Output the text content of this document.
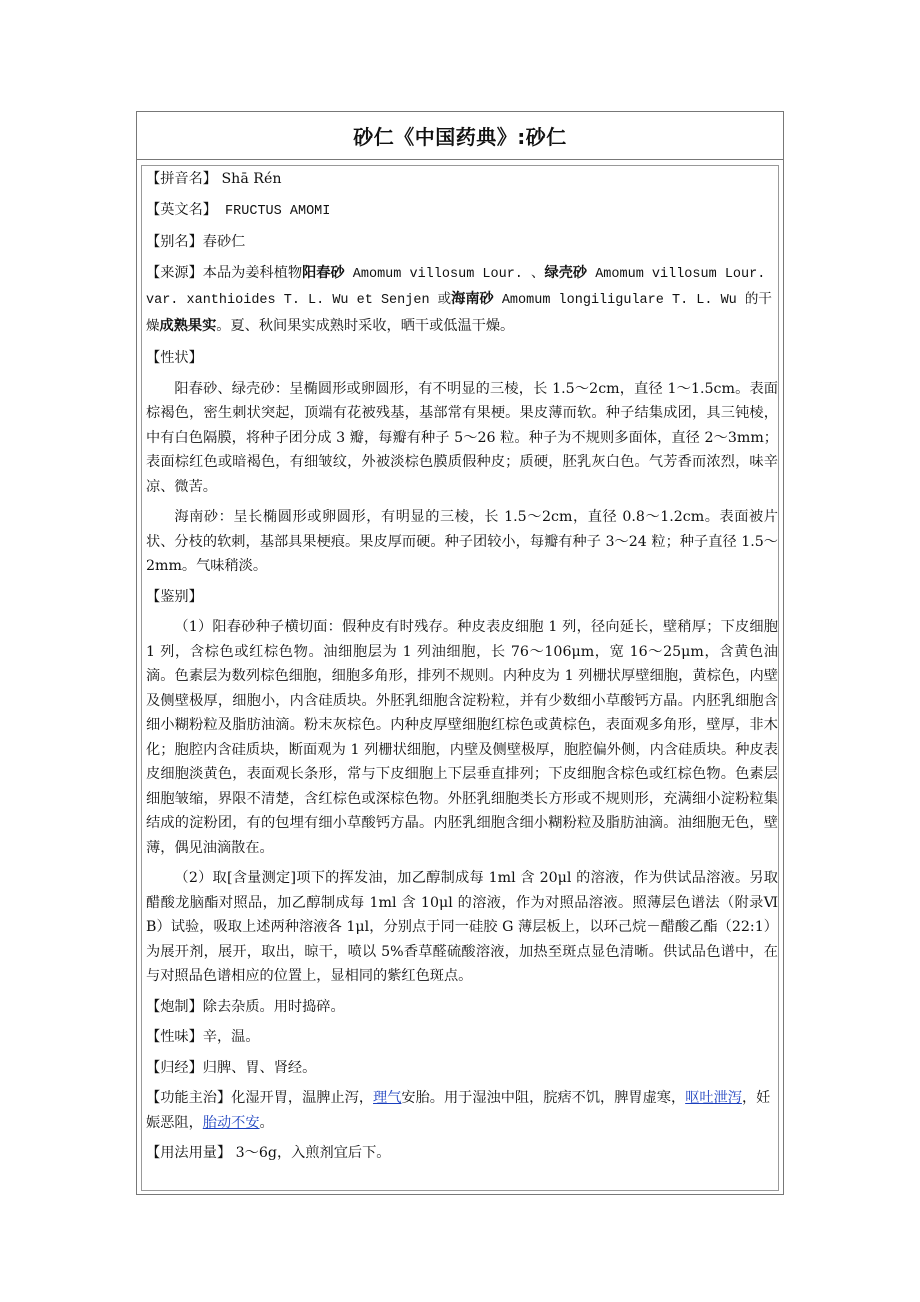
砂仁《中国药典》:砂仁
【拼音名】 Shā Rén
【英文名】 FRUCTUS AMOMI
【别名】春砂仁
【来源】本品为姜科植物阳春砂 Amomum villosum Lour. 、绿壳砂 Amomum villosum Lour. var. xanthioides T. L. Wu et Senjen 或海南砂 Amomum longiligulare T. L. Wu 的干燥成熟果实。夏、秋间果实成熟时采收，晒干或低温干燥。
【性状】

阳春砂、绿壳砂：呈椭圆形或卵圆形，有不明显的三棱，长 1.5～2cm，直径 1～1.5cm。表面棕褐色，密生刺状突起，顶端有花被残基，基部常有果梗。果皮薄而软。种子结集成团，具三钝棱，中有白色隔膜，将种子团分成 3 瓣，每瓣有种子 5～26 粒。种子为不规则多面体，直径 2～3mm；表面棕红色或暗褐色，有细皱纹，外被淡棕色膜质假种皮；质硬，胚乳灰白色。气芳香而浓烈，味辛凉、微苦。

海南砂：呈长椭圆形或卵圆形，有明显的三棱，长 1.5～2cm，直径 0.8～1.2cm。表面被片状、分枝的软刺，基部具果梗痕。果皮厚而硬。种子团较小，每瓣有种子 3～24 粒；种子直径 1.5～2mm。气味稍淡。

【鉴别】

（1）阳春砂种子横切面：假种皮有时残存。种皮表皮细胞 1 列，径向延长，壁稍厚；下皮细胞 1 列，含棕色或红棕色物。油细胞层为 1 列油细胞，长 76～106μm，宽 16～25μm，含黄色油滴。色素层为数列棕色细胞，细胞多角形，排列不规则。内种皮为 1 列栅状厚壁细胞，黄棕色，内壁及侧壁极厚，细胞小，内含硅质块。外胚乳细胞含淀粉粒，并有少数细小草酸钙方晶。内胚乳细胞含细小糊粉粒及脂肪油滴。粉末灰棕色。内种皮厚壁细胞红棕色或黄棕色，表面观多角形，壁厚，非木化；胞腔内含硅质块，断面观为 1 列栅状细胞，内壁及侧壁极厚，胞腔偏外侧，内含硅质块。种皮表皮细胞淡黄色，表面观长条形，常与下皮细胞上下层垂直排列；下皮细胞含棕色或红棕色物。色素层细胞皱缩，界限不清楚，含红棕色或深棕色物。外胚乳细胞类长方形或不规则形，充满细小淀粉粒集结成的淀粉团，有的包埋有细小草酸钙方晶。内胚乳细胞含细小糊粉粒及脂肪油滴。油细胞无色，壁薄，偶见油滴散在。

（2）取[含量测定]项下的挥发油，加乙醇制成每 1ml 含 20μl 的溶液，作为供试品溶液。另取醋酸龙脑酯对照品，加乙醇制成每 1ml 含 10μl 的溶液，作为对照品溶液。照薄层色谱法（附录Ⅵ B）试验，吸取上述两种溶液各 1μl，分别点于同一硅胶 G 薄层板上，以环己烷－醋酸乙酯（22:1）为展开剂，展开，取出，晾干，喷以 5%香草醛硫酸溶液，加热至斑点显色清晰。供试品色谱中，在与对照品色谱相应的位置上，显相同的紫红色斑点。

【炮制】除去杂质。用时捣碎。
【性味】辛，温。
【归经】归脾、胃、肾经。
【功能主治】化湿开胃，温脾止泻，理气安胎。用于湿浊中阻，脘痞不饥，脾胃虚寒，呕吐泄泻，妊娠恶阻，胎动不安。
【用法用量】 3～6g，入煎剂宜后下。
